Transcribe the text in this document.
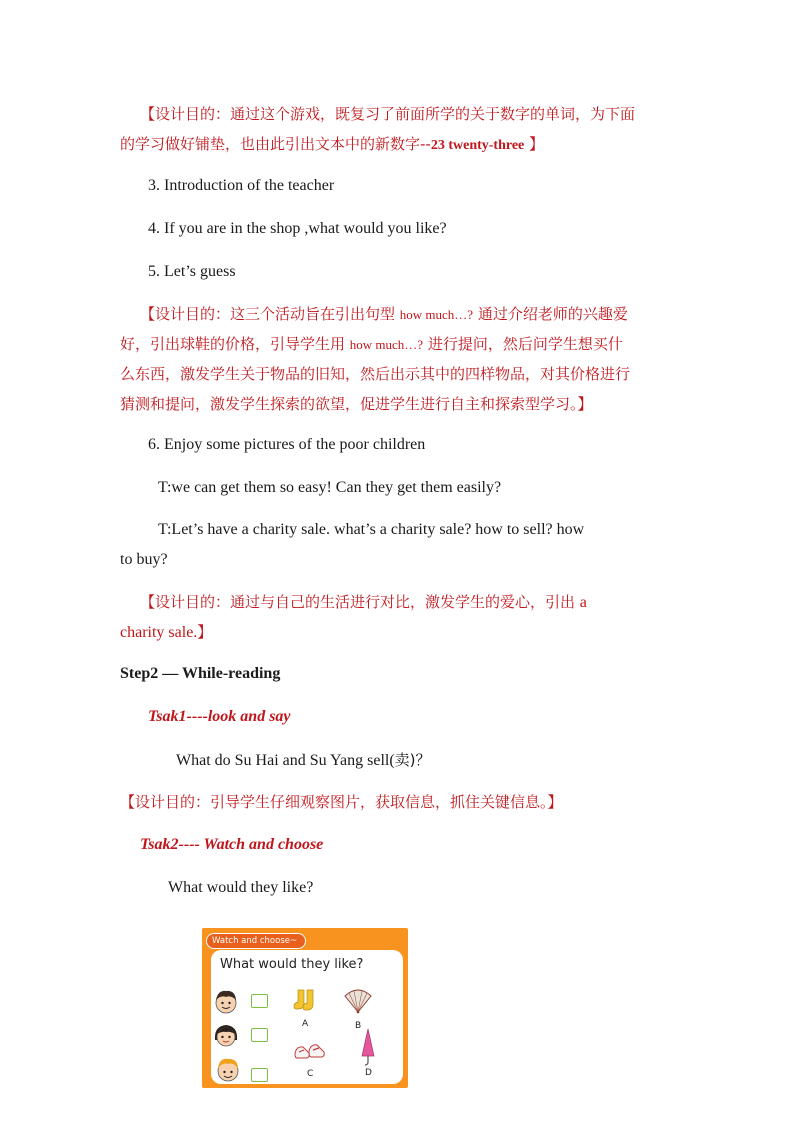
【设计目的：通过这个游戏，既复习了前面所学的关于数字的单词，为下面
的学习做好铺垫，也由此引出文本中的新数字--23 twenty-three 】
3. Introduction of the teacher
4. If you are in the shop ,what would you like?
5. Let’s guess
【设计目的：这三个活动旨在引出句型 how much…? 通过介绍老师的兴趣爱
好，引出球鞋的价格，引导学生用 how much…? 进行提问，然后问学生想买什
么东西，激发学生关于物品的旧知，然后出示其中的四样物品，对其价格进行
猜测和提问，激发学生探索的欲望，促进学生进行自主和探索型学习。】
6. Enjoy some pictures of the poor children
T:we can get them so easy! Can they get them easily?
T:Let’s have a charity sale. what’s a charity sale? how to sell? how
to buy?
【设计目的：通过与自己的生活进行对比，激发学生的爱心，引出 a
charity sale.】
Step2 — While-reading
Tsak1----look and say
What do Su Hai and Su Yang sell(卖)？
【设计目的：引导学生仔细观察图片，获取信息，抓住关键信息。】
Tsak2---- Watch and choose
What would they like?
Watch and choose~
What would they like?
A	B
C	D
